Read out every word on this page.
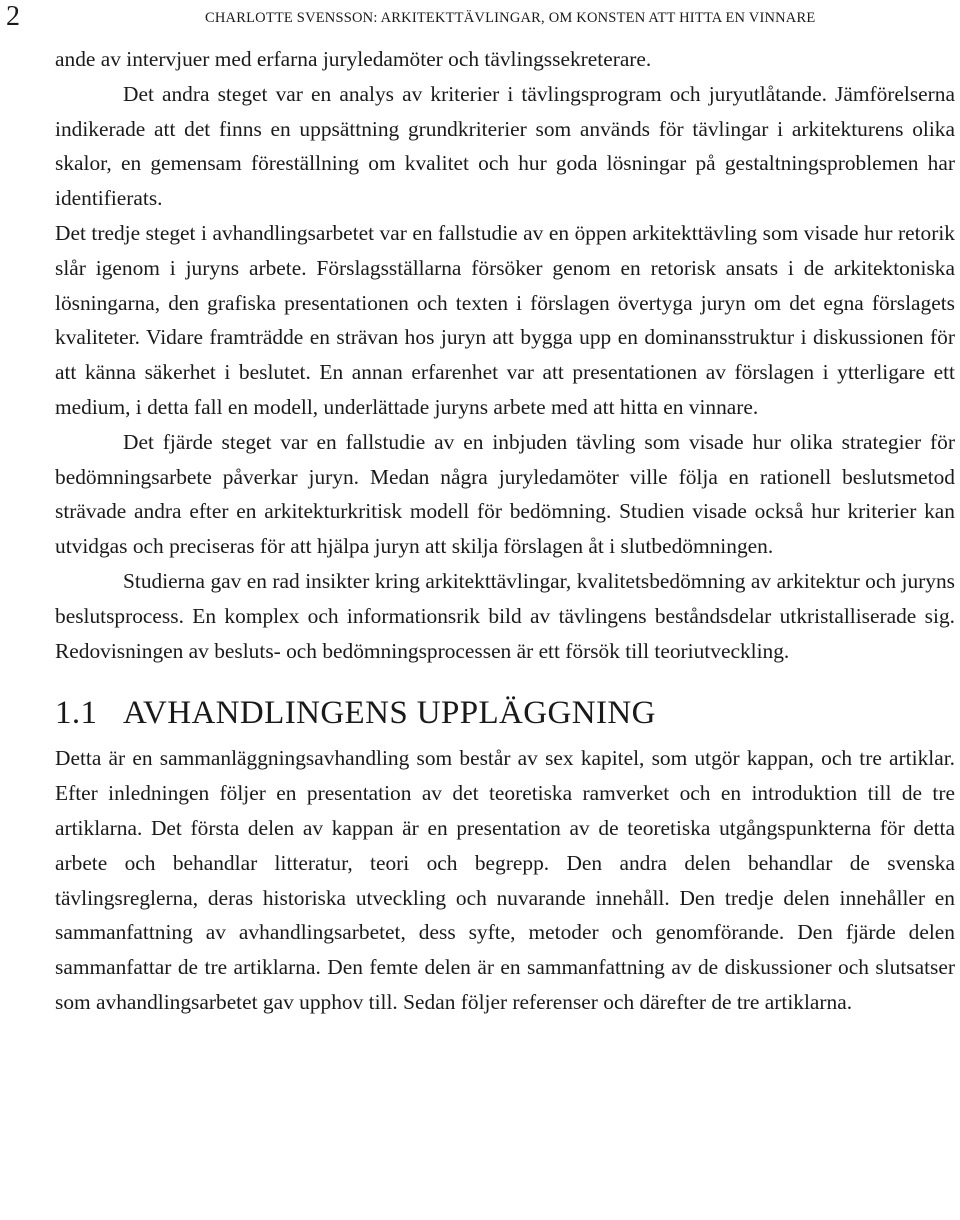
2	CHARLOTTE SVENSSON: ARKITEKTTÄVLINGAR, OM KONSTEN ATT HITTA EN VINNARE

ande av intervjuer med erfarna juryledamöter och tävlingssekreterare.

Det andra steget var en analys av kriterier i tävlingsprogram och juryutlåtande. Jämförelserna indikerade att det finns en uppsättning grundkriterier som används för tävlingar i arkitekturens olika skalor, en gemensam föreställning om kvalitet och hur goda lösningar på gestaltningsproblemen har identifierats.

Det tredje steget i avhandlingsarbetet var en fallstudie av en öppen arkitekttävling som visade hur retorik slår igenom i juryns arbete. Förslagsställarna försöker genom en retorisk ansats i de arkitektoniska lösningarna, den grafiska presentationen och texten i förslagen övertyga juryn om det egna förslagets kvaliteter. Vidare framträdde en strävan hos juryn att bygga upp en dominansstruktur i diskussionen för att känna säkerhet i beslutet. En annan erfarenhet var att presentationen av förslagen i ytterligare ett medium, i detta fall en modell, underlättade juryns arbete med att hitta en vinnare.

Det fjärde steget var en fallstudie av en inbjuden tävling som visade hur olika strategier för bedömningsarbete påverkar juryn. Medan några juryledamöter ville följa en rationell beslutsmetod strävade andra efter en arkitekturkritisk modell för bedömning. Studien visade också hur kriterier kan utvidgas och preciseras för att hjälpa juryn att skilja förslagen åt i slutbedömningen.

Studierna gav en rad insikter kring arkitekttävlingar, kvalitetsbedömning av arkitektur och juryns beslutsprocess. En komplex och informationsrik bild av tävlingens beståndsdelar utkristalliserade sig. Redovisningen av besluts- och bedömningsprocessen är ett försök till teoriutveckling.

1.1 AVHANDLINGENS UPPLÄGGNING

Detta är en sammanläggningsavhandling som består av sex kapitel, som utgör kappan, och tre artiklar. Efter inledningen följer en presentation av det teoretiska ramverket och en introduktion till de tre artiklarna. Det första delen av kappan är en presentation av de teoretiska utgångspunkterna för detta arbete och behandlar litteratur, teori och begrepp. Den andra delen behandlar de svenska tävlingsreglerna, deras historiska utveckling och nuvarande innehåll. Den tredje delen innehåller en sammanfattning av avhandlingsarbetet, dess syfte, metoder och genomförande. Den fjärde delen sammanfattar de tre artiklarna. Den femte delen är en sammanfattning av de diskussioner och slutsatser som avhandlingsarbetet gav upphov till. Sedan följer referenser och därefter de tre artiklarna.
